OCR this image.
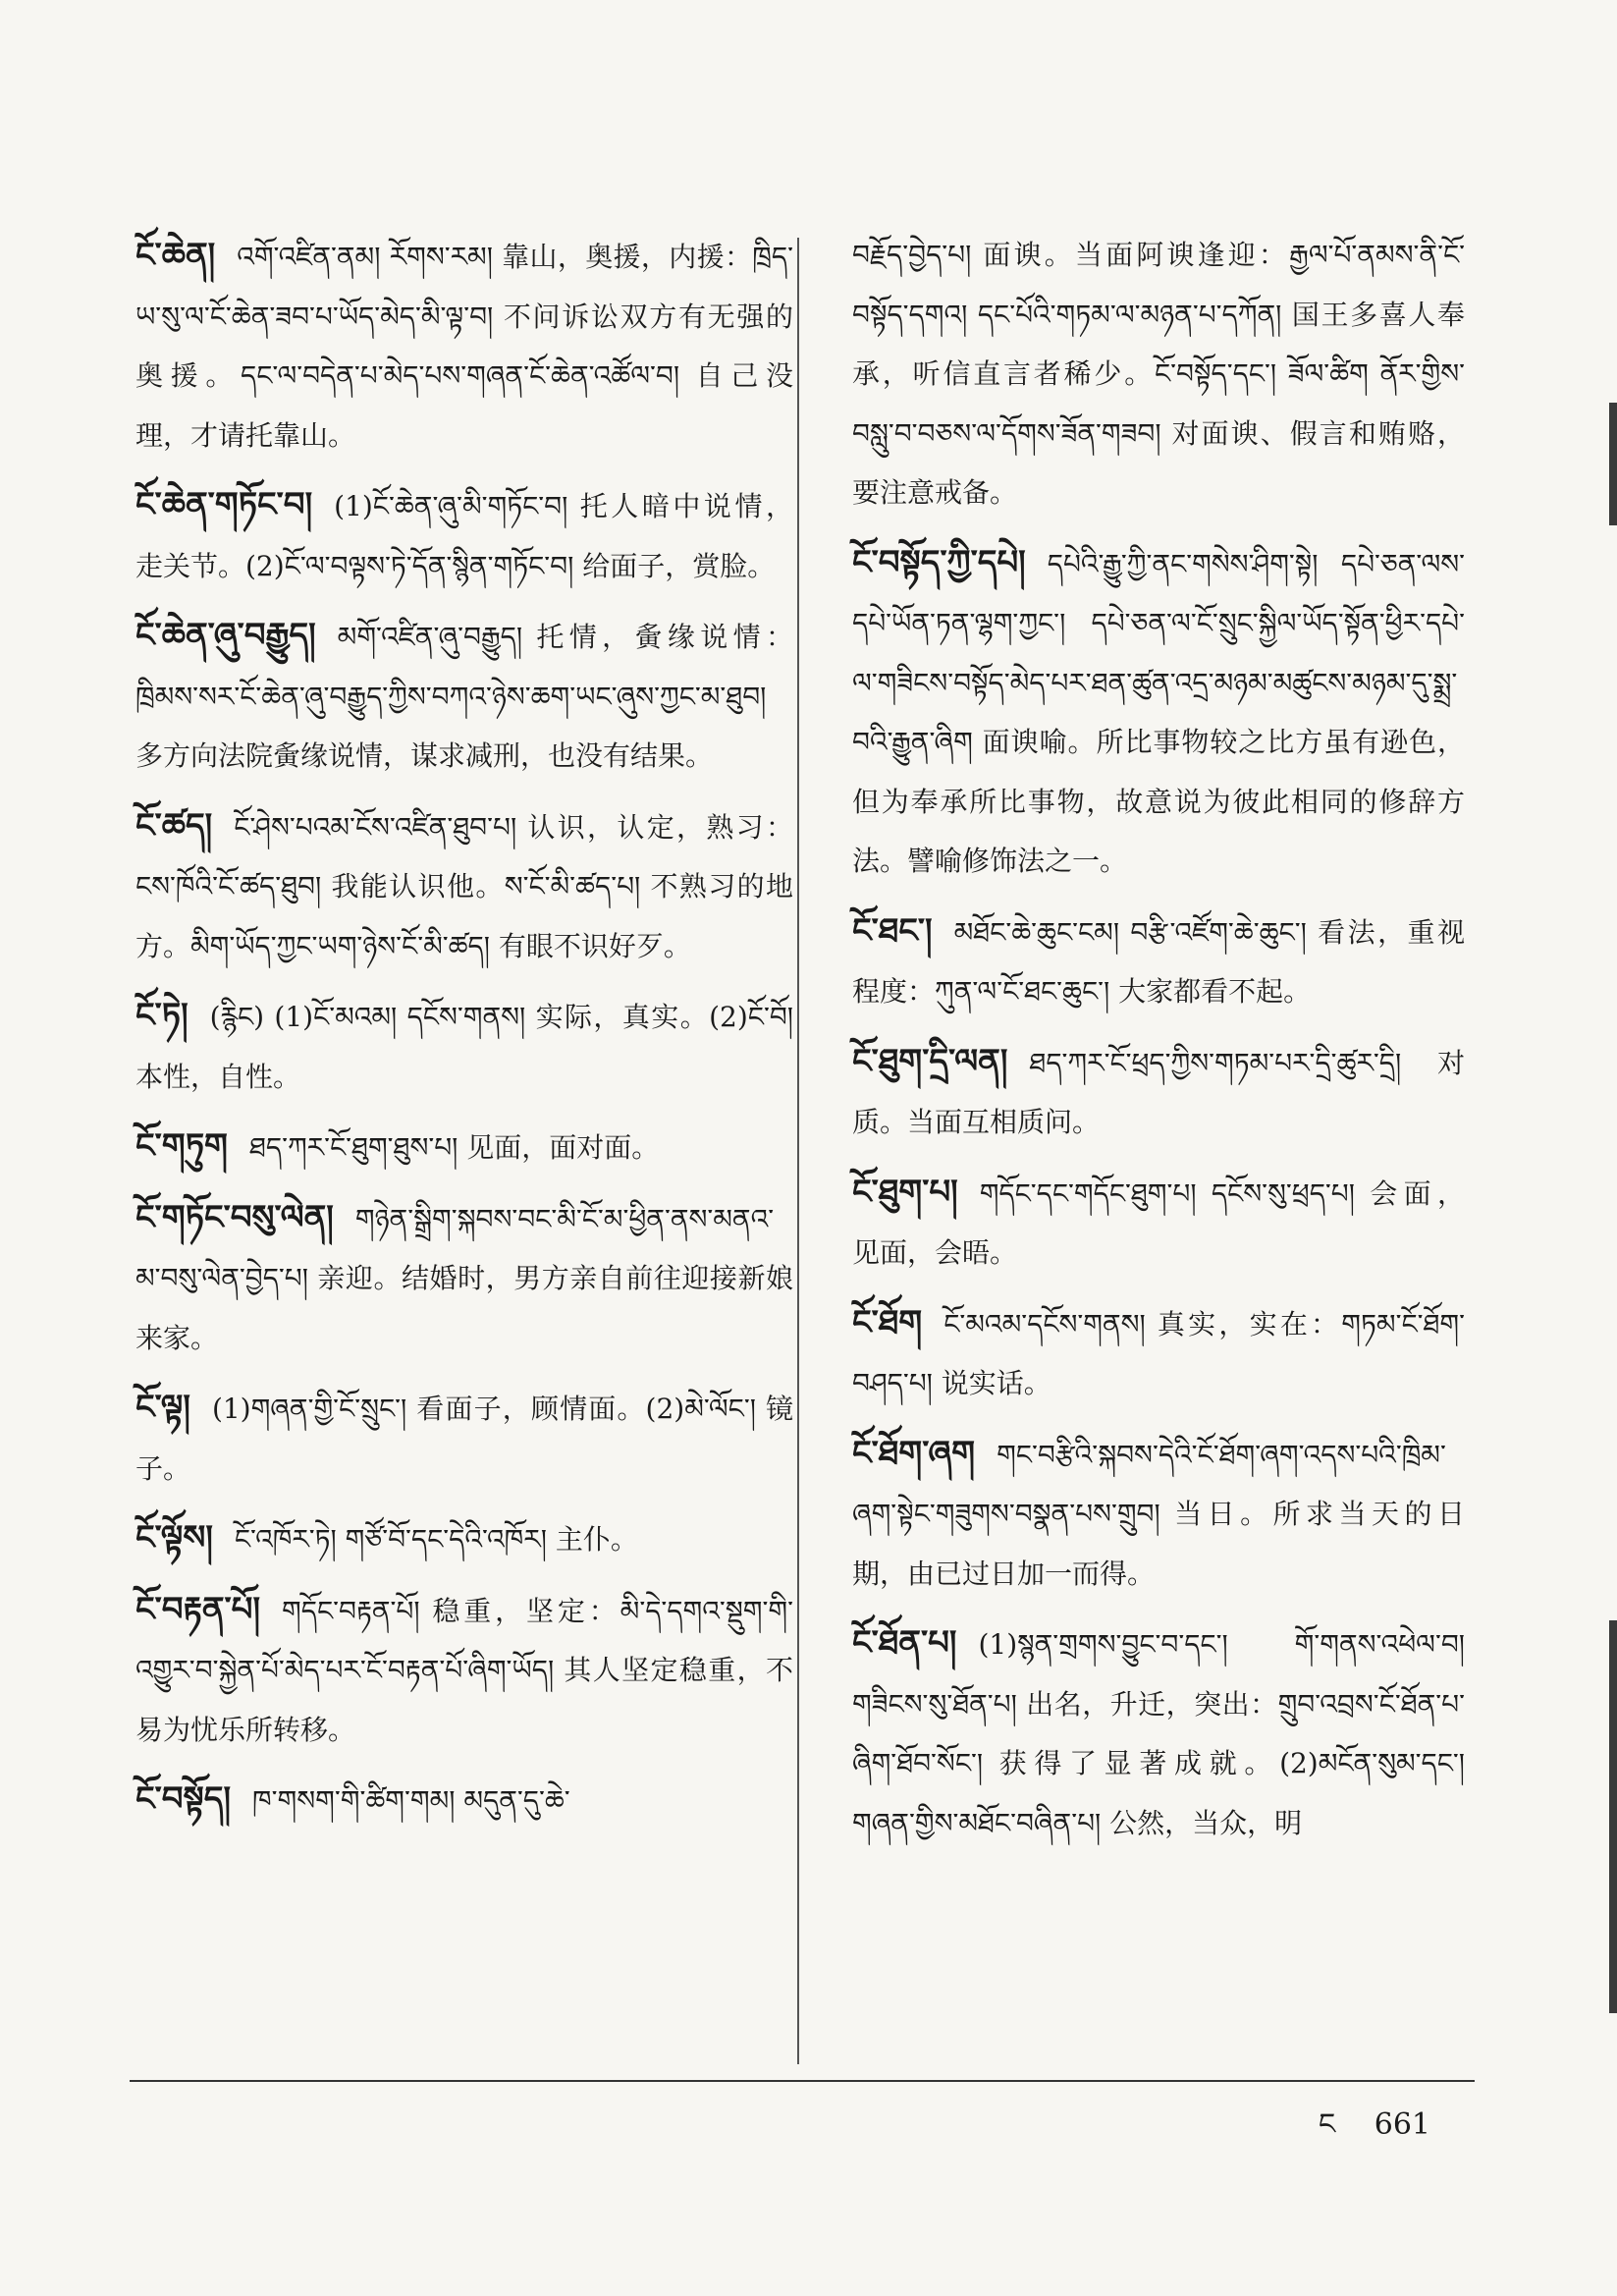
ངོ་ཆེན། འགོ་འཛིན་ནམ། རོགས་རམ། 靠山，奥援，内援：ཁྲིད་ཡ་སུ་ལ་ངོ་ཆེན་ཟབ་པ་ཡོད་མེད་མི་ལྟ་བ། 不问诉讼双方有无强的奥援。དང་ལ་བདེན་པ་མེད་པས་གཞན་ངོ་ཆེན་འཚོལ་བ། 自己没理，才请托靠山。

ངོ་ཆེན་གཏོང་བ། (1)ངོ་ཆེན་ཞུ་མི་གཏོང་བ། 托人暗中说情，走关节。(2)ངོ་ལ་བལྟས་ཏེ་དོན་སྙིན་གཏོང་བ། 给面子，赏脸。

ངོ་ཆེན་ཞུ་བརྒྱུད། མགོ་འཛིན་ཞུ་བརྒྱུད། 托情，夤缘说情：ཁྲིམས་སར་ངོ་ཆེན་ཞུ་བརྒྱུད་ཀྱིས་བཀའ་ཉེས་ཆག་ཡང་ཞུས་ཀྱང་མ་ཐུབ། 多方向法院夤缘说情，谋求减刑，也没有结果。

ངོ་ཚད། ངོ་ཤེས་པའམ་ངོས་འཛིན་ཐུབ་པ། 认识，认定，熟习：ངས་ཁོའི་ངོ་ཚད་ཐུབ། 我能认识他。ས་ངོ་མི་ཚད་པ། 不熟习的地方。མིག་ཡོད་ཀྱང་ཡག་ཉེས་ངོ་མི་ཚད། 有眼不识好歹。

ངོ་ཏེ། (རྙིང) (1)ངོ་མའམ། དངོས་གནས། 实际，真实。(2)ངོ་བོ། 本性，自性。

ངོ་གཏུག ཐད་ཀར་ངོ་ཐུག་ཐུས་པ། 见面，面对面。

ངོ་གཏོང་བསུ་ལེན། གཉེན་སྒྲིག་སྐབས་བང་མི་ངོ་མ་ཕྱིན་ནས་མནའ་མ་བསུ་ལེན་བྱེད་པ། 亲迎。结婚时，男方亲自前往迎接新娘来家。

ངོ་ལྟ། (1)གཞན་གྱི་ངོ་སྲུང་། 看面子，顾情面。(2)མེ་ལོང་། 镜子。

ངོ་ལྟོས། ངོ་འཁོར་ཏེ། གཙོ་བོ་དང་དེའི་འཁོར། 主仆。

ངོ་བརྟན་པོ། གདོང་བརྟན་པོ། 稳重，坚定：མི་དེ་དགའ་སྡུག་གི་འགྱུར་བ་སྐྱེན་པོ་མེད་པར་ངོ་བརྟན་པོ་ཞིག་ཡོད། 其人坚定稳重，不易为忧乐所转移。

ངོ་བསྟོད། ཁ་གསག་གི་ཚིག་གམ། མདུན་དུ་ཆེ་

བརྗོད་བྱེད་པ། 面谀。当面阿谀逢迎：རྒྱལ་པོ་ནམས་ནི་ངོ་བསྟོད་དགའ། དང་པོའི་གཏམ་ལ་མཉན་པ་དཀོན། 国王多喜人奉承，听信直言者稀少。ངོ་བསྟོད་དང་། ཟོལ་ཚིག ནོར་གྱིས་བསླུ་བ་བཅས་ལ་དོགས་ཟོན་གཟབ། 对面谀、假言和贿赂，要注意戒备。

ངོ་བསྟོད་ཀྱི་དཔེ། དཔེའི་རྒྱུ་ཀྱི་ནང་གསེས་ཤིག་སྟེ། དཔེ་ཅན་ལས་དཔེ་ཡོན་ཏན་ལྷག་ཀྱང་། དཔེ་ཅན་ལ་ངོ་སྲུང་སྐྱིལ་ཡོད་སྟོན་ཕྱིར་དཔེ་ལ་གཟིངས་བསྟོད་མེད་པར་ཐན་ཚུན་འདྲ་མཉམ་མཚུངས་མཉམ་དུ་སྨྲ་བའི་རྒྱུན་ཞིག 面谀喻。所比事物较之比方虽有逊色，但为奉承所比事物，故意说为彼此相同的修辞方法。譬喻修饰法之一。

ངོ་ཐང་། མཐོང་ཆེ་ཆུང་ངམ། བརྩི་འཛོག་ཆེ་ཆུང་། 看法，重视程度：ཀུན་ལ་ངོ་ཐང་ཆུང་། 大家都看不起。

ངོ་ཐུག་དྲི་ལན། ཐད་ཀར་ངོ་ཕྲད་ཀྱིས་གཏམ་པར་དྲི་ཚུར་དྲི། 对质。当面互相质问。

ངོ་ཐུག་པ། གདོང་དང་གདོང་ཐུག་པ། དངོས་སུ་ཕྲད་པ། 会面，见面，会晤。

ངོ་ཐོག ངོ་མའམ་དངོས་གནས། 真实，实在：གཏམ་ངོ་ཐོག་བཤད་པ། 说实话。

ངོ་ཐོག་ཞག གང་བརྩིའི་སྐབས་དེའི་ངོ་ཐོག་ཞག་འདས་པའི་ཁྲིམ་ཞག་སྟེང་གཟུགས་བསྣན་པས་གྲུབ། 当日。所求当天的日期，由已过日加一而得。

ངོ་ཐོན་པ། (1)སྙན་གྲགས་བྱུང་བ་དང་། གོ་གནས་འཕེལ་བ། གཟིངས་སུ་ཐོན་པ། 出名，升迁，突出：གྲུབ་འབྲས་ངོ་ཐོན་པ་ཞིག་ཐོབ་སོང་། 获得了显著成就。(2)མངོན་སུམ་དང་། གཞན་གྱིས་མཐོང་བཞིན་པ། 公然，当众，明

ང 661
